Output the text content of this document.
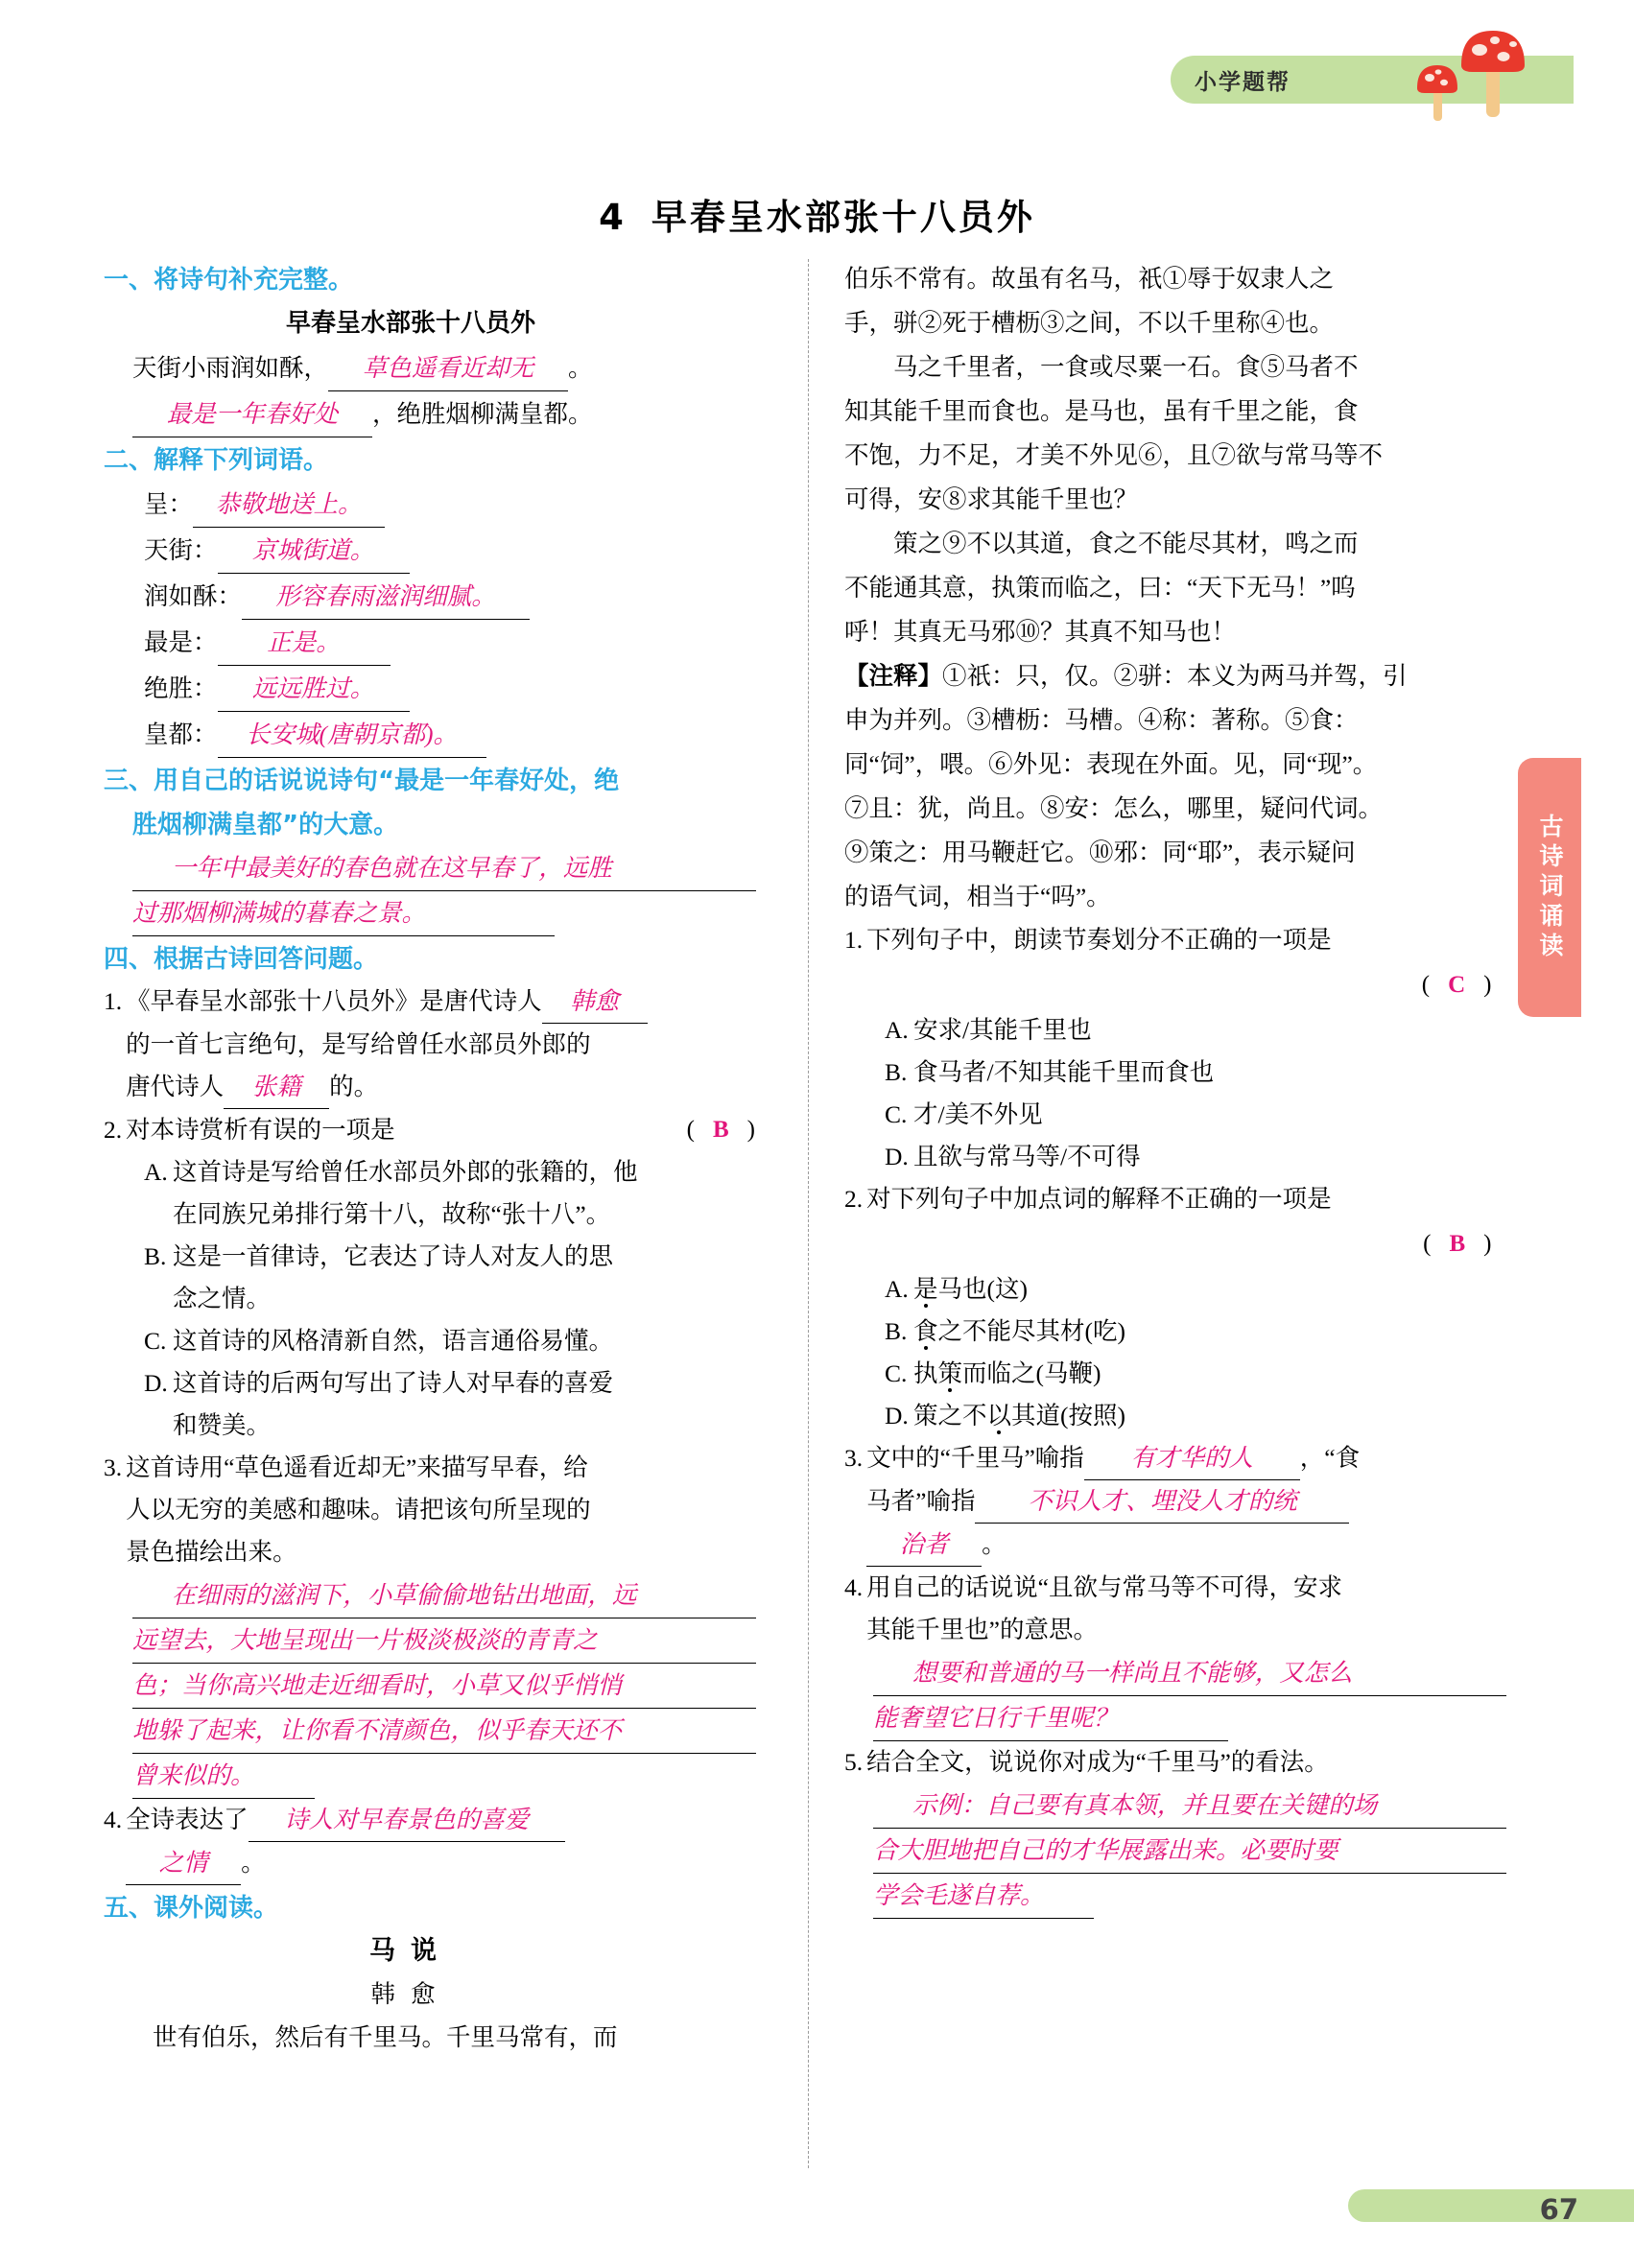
小学题帮
4 早春呈水部张十八员外
古诗词诵读
一、将诗句补充完整。
早春呈水部张十八员外
天街小雨润如酥， 草色遥看近却无 。
最是一年春好处 ，绝胜烟柳满皇都。
二、解释下列词语。
呈： 恭敬地送上。
天街： 京城街道。
润如酥： 形容春雨滋润细腻。
最是： 正是。
绝胜： 远远胜过。
皇都： 长安城(唐朝京都)。
三、用自己的话说说诗句“最是一年春好处，绝
胜烟柳满皇都”的大意。
一年中最美好的春色就在这早春了，远胜
过那烟柳满城的暮春之景。
四、根据古诗回答问题。
1. 《早春呈水部张十八员外》是唐代诗人 韩愈
的一首七言绝句，是写给曾任水部员外郎的
唐代诗人 张籍 的。
2. 对本诗赏析有误的一项是	( B )
A. 这首诗是写给曾任水部员外郎的张籍的，他
在同族兄弟排行第十八，故称“张十八”。
B. 这是一首律诗，它表达了诗人对友人的思
念之情。
C. 这首诗的风格清新自然，语言通俗易懂。
D. 这首诗的后两句写出了诗人对早春的喜爱
和赞美。
3. 这首诗用“草色遥看近却无”来描写早春，给
人以无穷的美感和趣味。请把该句所呈现的
景色描绘出来。
在细雨的滋润下，小草偷偷地钻出地面，远
远望去，大地呈现出一片极淡极淡的青青之
色；当你高兴地走近细看时，小草又似乎悄悄
地躲了起来，让你看不清颜色，似乎春天还不
曾来似的。
4. 全诗表达了 诗人对早春景色的喜爱
之情 。
五、课外阅读。
马说
韩愈
世有伯乐，然后有千里马。千里马常有，而
伯乐不常有。故虽有名马，祇①辱于奴隶人之
手，骈②死于槽枥③之间，不以千里称④也。
马之千里者，一食或尽粟一石。食⑤马者不
知其能千里而食也。是马也，虽有千里之能，食
不饱，力不足，才美不外见⑥，且⑦欲与常马等不
可得，安⑧求其能千里也？
策之⑨不以其道，食之不能尽其材，鸣之而
不能通其意，执策而临之，曰：“天下无马！”呜
呼！其真无马邪⑩？其真不知马也！
【注释】①祇：只，仅。②骈：本义为两马并驾，引
申为并列。③槽枥：马槽。④称：著称。⑤食：
同“饲”，喂。⑥外见：表现在外面。见，同“现”。
⑦且：犹，尚且。⑧安：怎么，哪里，疑问代词。
⑨策之：用马鞭赶它。⑩邪：同“耶”，表示疑问
的语气词，相当于“吗”。
1. 下列句子中，朗读节奏划分不正确的一项是
( C )
A. 安求/其能千里也
B. 食马者/不知其能千里而食也
C. 才/美不外见
D. 且欲与常马等/不可得
2. 对下列句子中加点词的解释不正确的一项是
( B )
A. 是马也(这)
B. 食之不能尽其材(吃)
C. 执策而临之(马鞭)
D. 策之不以其道(按照)
3. 文中的“千里马”喻指 有才华的人 ，“食
马者”喻指 不识人才、埋没人才的统
治者 。
4. 用自己的话说说“且欲与常马等不可得，安求
其能千里也”的意思。
想要和普通的马一样尚且不能够，又怎么
能奢望它日行千里呢？
5. 结合全文，说说你对成为“千里马”的看法。
示例：自己要有真本领，并且要在关键的场
合大胆地把自己的才华展露出来。必要时要
学会毛遂自荐。
67
